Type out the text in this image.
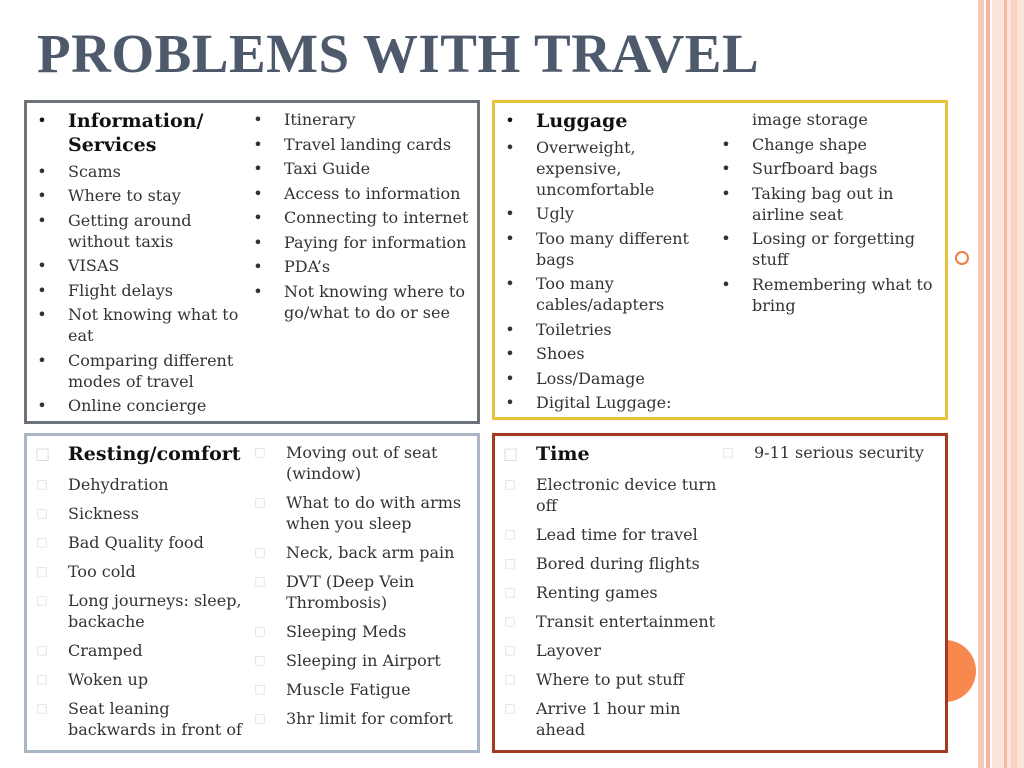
PROBLEMS WITH TRAVEL
• Information/ Services
• Scams
• Where to stay
• Getting around without taxis
• VISAS
• Flight delays
• Not knowing what to eat
• Comparing different modes of travel
• Online concierge
• Itinerary
• Travel landing cards
• Taxi Guide
• Access to information
• Connecting to internet
• Paying for information
• PDA’s
• Not knowing where to go/what to do or see
• Luggage
• Overweight, expensive, uncomfortable
• Ugly
• Too many different bags
• Too many cables/adapters
• Toiletries
• Shoes
• Loss/Damage
• Digital Luggage:
image storage
• Change shape
• Surfboard bags
• Taking bag out in airline seat
• Losing or forgetting stuff
• Remembering what to bring
□ Resting/comfort
□ Dehydration
□ Sickness
□ Bad Quality food
□ Too cold
□ Long journeys: sleep, backache
□ Cramped
□ Woken up
□ Seat leaning backwards in front of
□ Moving out of seat (window)
□ What to do with arms when you sleep
□ Neck, back arm pain
□ DVT (Deep Vein Thrombosis)
□ Sleeping Meds
□ Sleeping in Airport
□ Muscle Fatigue
□ 3hr limit for comfort
□ Time
□ Electronic device turn off
□ Lead time for travel
□ Bored during flights
□ Renting games
□ Transit entertainment
□ Layover
□ Where to put stuff
□ Arrive 1 hour min ahead
□ 9-11 serious security
